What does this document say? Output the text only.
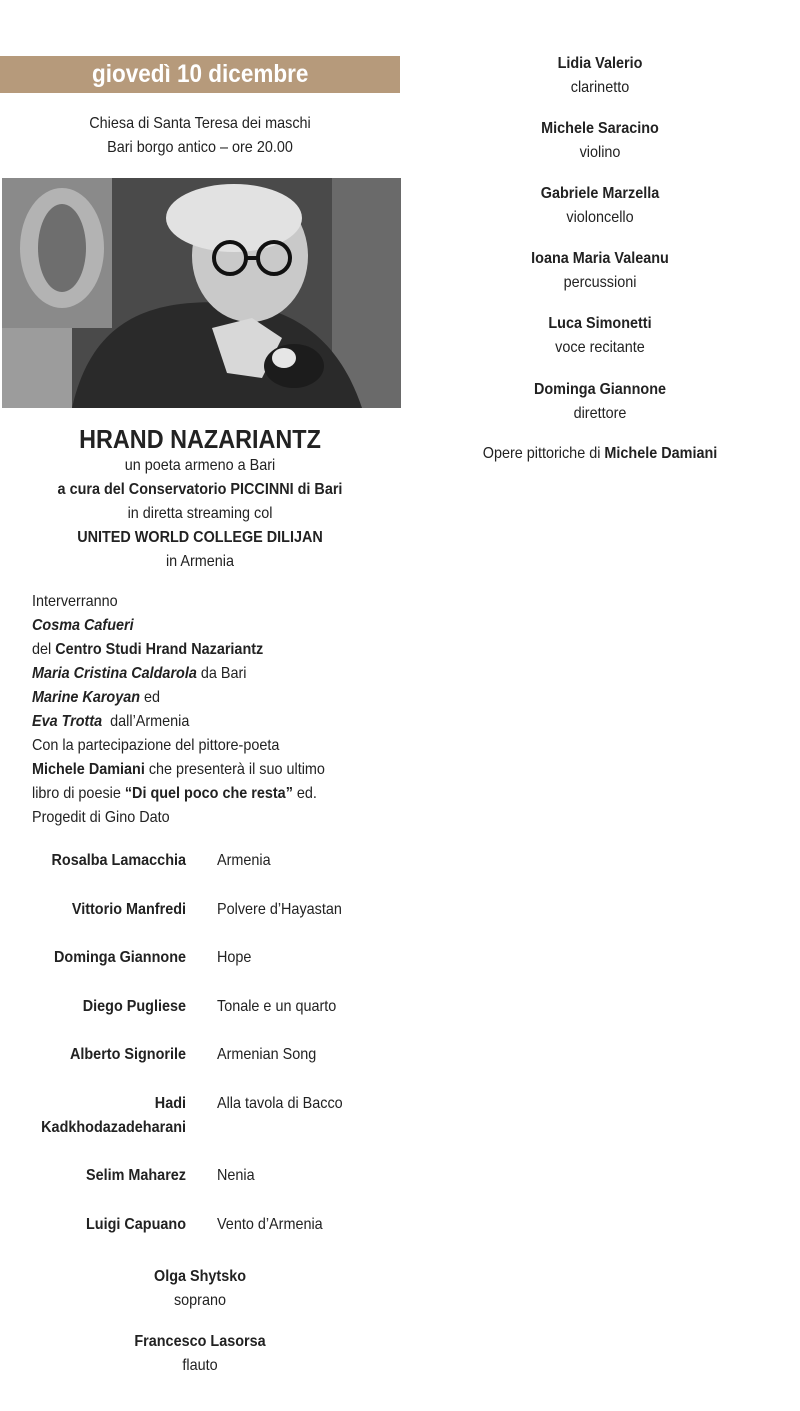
giovedì 10 dicembre
Chiesa di Santa Teresa dei maschi
Bari borgo antico – ore 20.00
HRAND NAZARIANTZ
un poeta armeno a Bari
a cura del Conservatorio PICCINNI di Bari
in diretta streaming col
UNITED WORLD COLLEGE DILIJAN
in Armenia
Interverranno
Cosma Cafueri
del Centro Studi Hrand Nazariantz
Maria Cristina Caldarola da Bari
Marine Karoyan ed
Eva Trotta  dall’Armenia
Con la partecipazione del pittore-poeta
Michele Damiani che presenterà il suo ultimo
libro di poesie “Di quel poco che resta” ed.
Progedit di Gino Dato
Rosalba Lamacchia Armenia
Vittorio Manfredi Polvere d’Hayastan
Dominga Giannone Hope
Diego Pugliese Tonale e un quarto
Alberto Signorile Armenian Song
Hadi
Kadkhodazadeharani
Alla tavola di Bacco
Selim Maharez Nenia
Luigi Capuano Vento d’Armenia
Olga Shytsko
soprano
Francesco Lasorsa
flauto
Lidia Valerio
clarinetto
Michele Saracino
violino
Gabriele Marzella
violoncello
Ioana Maria Valeanu
percussioni
Luca Simonetti
voce recitante
Dominga Giannone
direttore
Opere pittoriche di Michele Damiani
